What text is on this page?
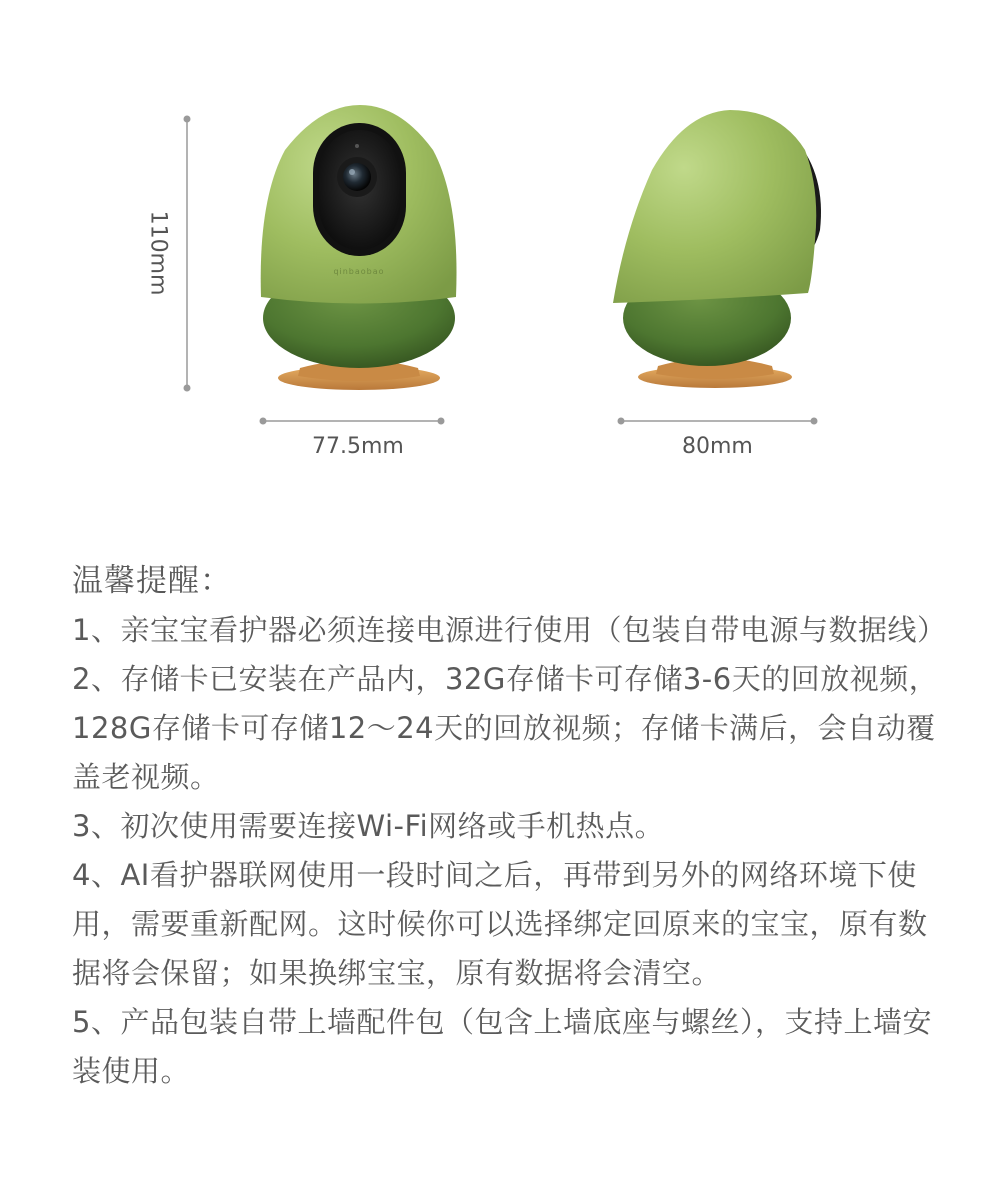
qinbaobao
110mm
77.5mm	80mm
温馨提醒：

1、亲宝宝看护器必须连接电源进行使用（包装自带电源与数据线）

2、存储卡已安装在产品内，32G存储卡可存储3-6天的回放视频，128G存储卡可存储12～24天的回放视频；存储卡满后，会自动覆盖老视频。

3、初次使用需要连接Wi-Fi网络或手机热点。

4、AI看护器联网使用一段时间之后，再带到另外的网络环境下使用，需要重新配网。这时候你可以选择绑定回原来的宝宝，原有数据将会保留；如果换绑宝宝，原有数据将会清空。

5、产品包装自带上墙配件包（包含上墙底座与螺丝），支持上墙安装使用。
